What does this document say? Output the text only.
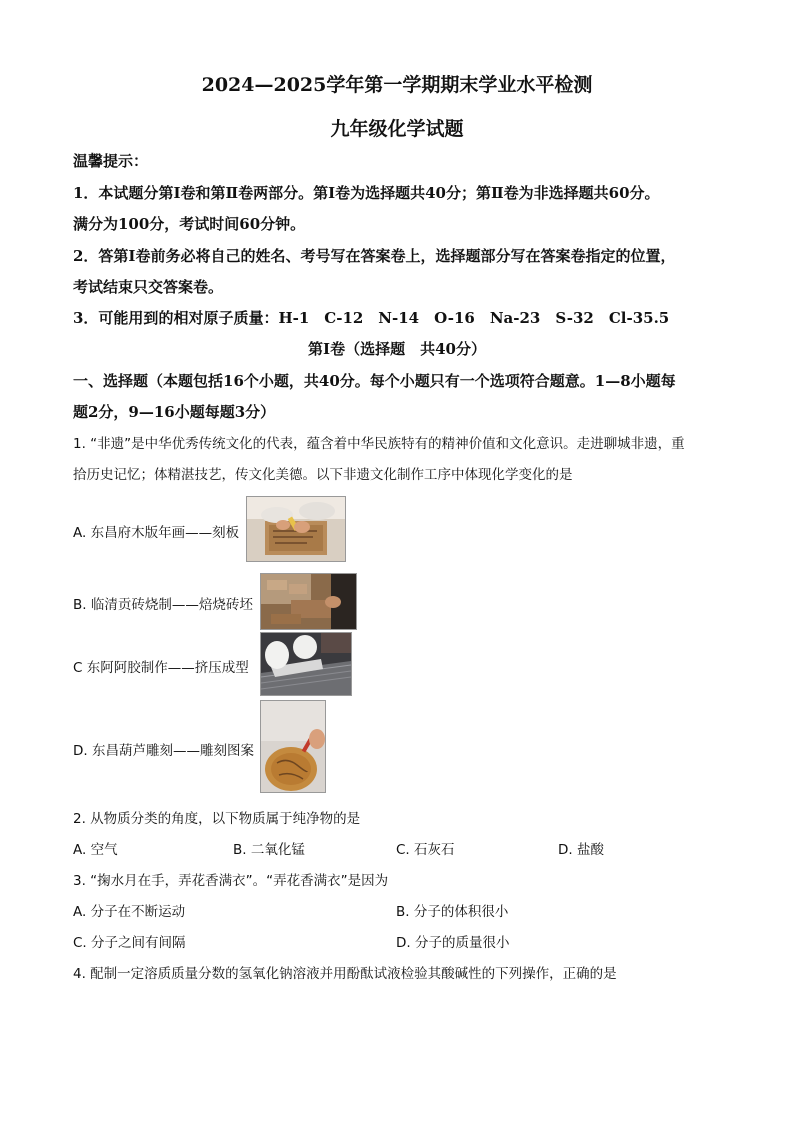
2024—2025学年第一学期期末学业水平检测
九年级化学试题
温馨提示：
1．本试题分第Ⅰ卷和第Ⅱ卷两部分。第Ⅰ卷为选择题共40分；第Ⅱ卷为非选择题共60分。
满分为100分，考试时间60分钟。
2．答第Ⅰ卷前务必将自己的姓名、考号写在答案卷上，选择题部分写在答案卷指定的位置，
考试结束只交答案卷。
3．可能用到的相对原子质量：H-1　C-12　N-14　O-16　Na-23　S-32　Cl-35.5
第Ⅰ卷（选择题　共40分）
一、选择题（本题包括16个小题，共40分。每个小题只有一个选项符合题意。1—8小题每
题2分，9—16小题每题3分）
1. “非遗”是中华优秀传统文化的代表，蕴含着中华民族特有的精神价值和文化意识。走进聊城非遗，重
拾历史记忆；体精湛技艺，传文化美德。以下非遗文化制作工序中体现化学变化的是
A. 东昌府木版年画——刻板
B. 临清贡砖烧制——焙烧砖坯
C 东阿阿胶制作——挤压成型
D. 东昌葫芦雕刻——雕刻图案
2. 从物质分类的角度，以下物质属于纯净物的是
A. 空气	B. 二氧化锰	C. 石灰石	D. 盐酸
3. “掬水月在手，弄花香满衣”。“弄花香满衣”是因为
A. 分子在不断运动	B. 分子的体积很小
C. 分子之间有间隔	D. 分子的质量很小
4. 配制一定溶质质量分数的氢氧化钠溶液并用酚酞试液检验其酸碱性的下列操作，正确的是
